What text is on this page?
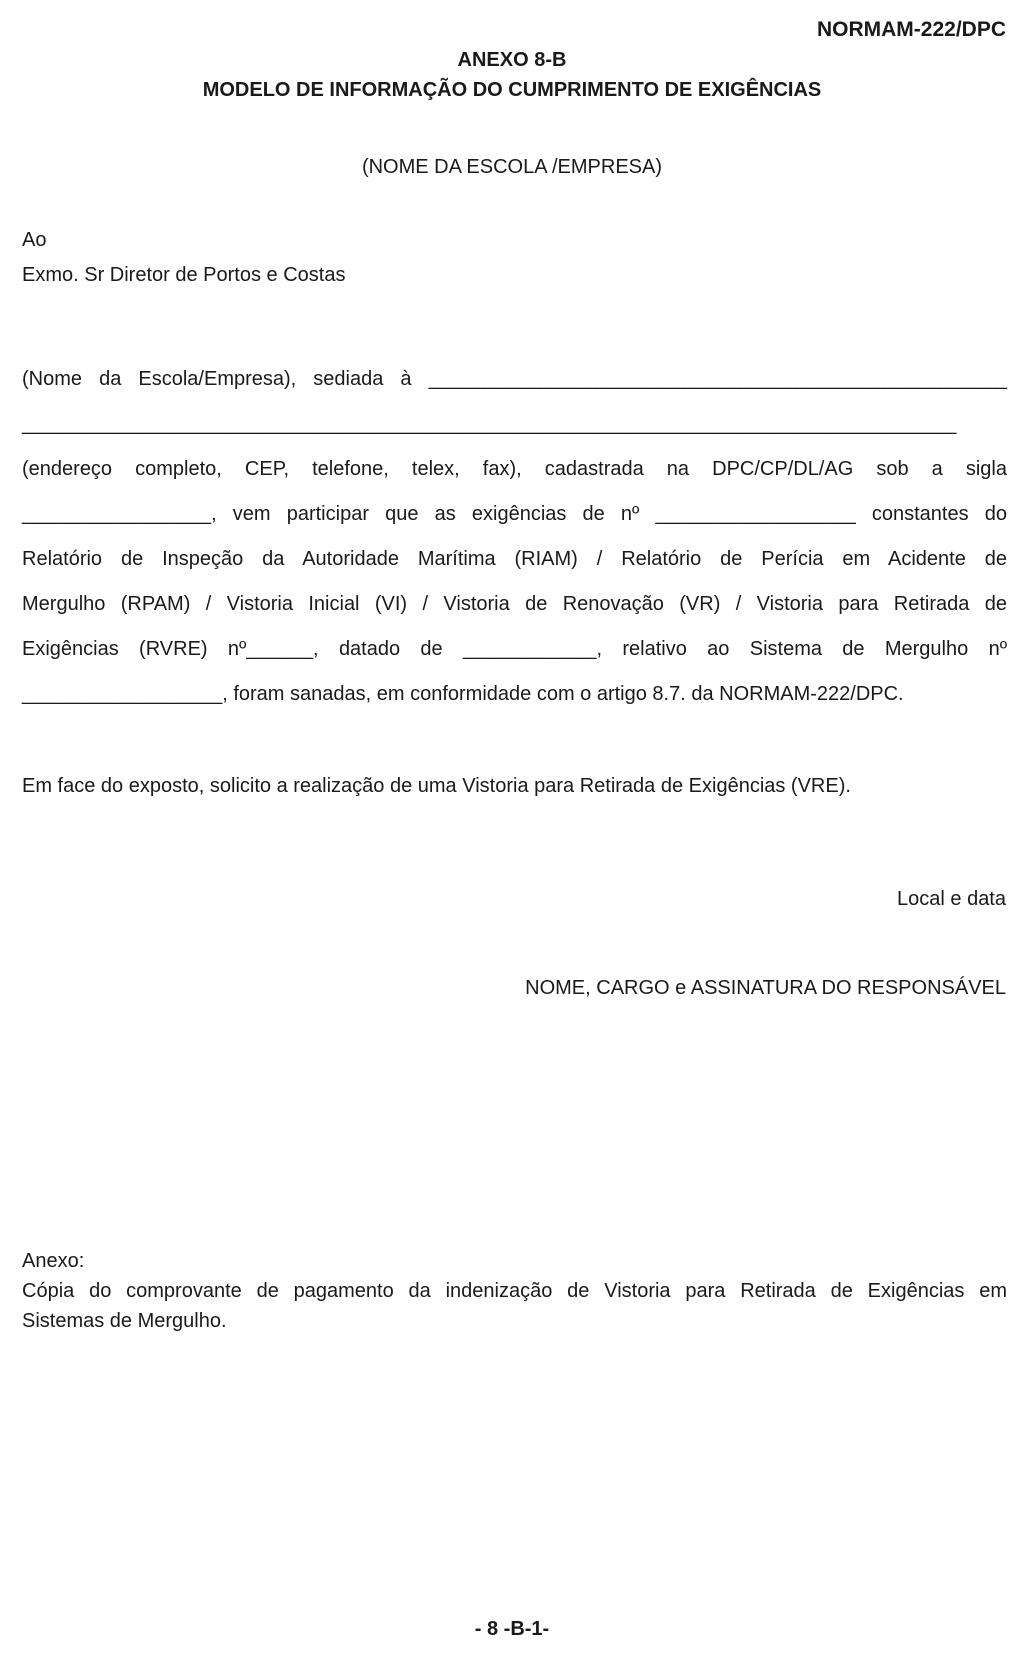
NORMAM-222/DPC
ANEXO 8-B
MODELO DE INFORMAÇÃO DO CUMPRIMENTO DE EXIGÊNCIAS
(NOME DA ESCOLA /EMPRESA)
Ao
Exmo. Sr Diretor de Portos e Costas
(Nome da Escola/Empresa), sediada à ____________________________________________________
____________________________________________________________________________________
(endereço completo, CEP, telefone, telex, fax), cadastrada na DPC/CP/DL/AG sob a sigla
_________________, vem participar que as exigências de nº __________________ constantes do
Relatório de Inspeção da Autoridade Marítima (RIAM) / Relatório de Perícia em Acidente de
Mergulho (RPAM) / Vistoria Inicial (VI) / Vistoria de Renovação (VR) / Vistoria para Retirada de
Exigências (RVRE) nº______, datado de ____________, relativo ao Sistema de Mergulho nº
__________________, foram sanadas, em conformidade com o artigo 8.7. da NORMAM-222/DPC.
Em face do exposto, solicito a realização de uma Vistoria para Retirada de Exigências (VRE).
Local e data
NOME, CARGO e ASSINATURA DO RESPONSÁVEL
Anexo:
Cópia do comprovante de pagamento da indenização de Vistoria para Retirada de Exigências em
Sistemas de Mergulho.
- 8 -B-1-
